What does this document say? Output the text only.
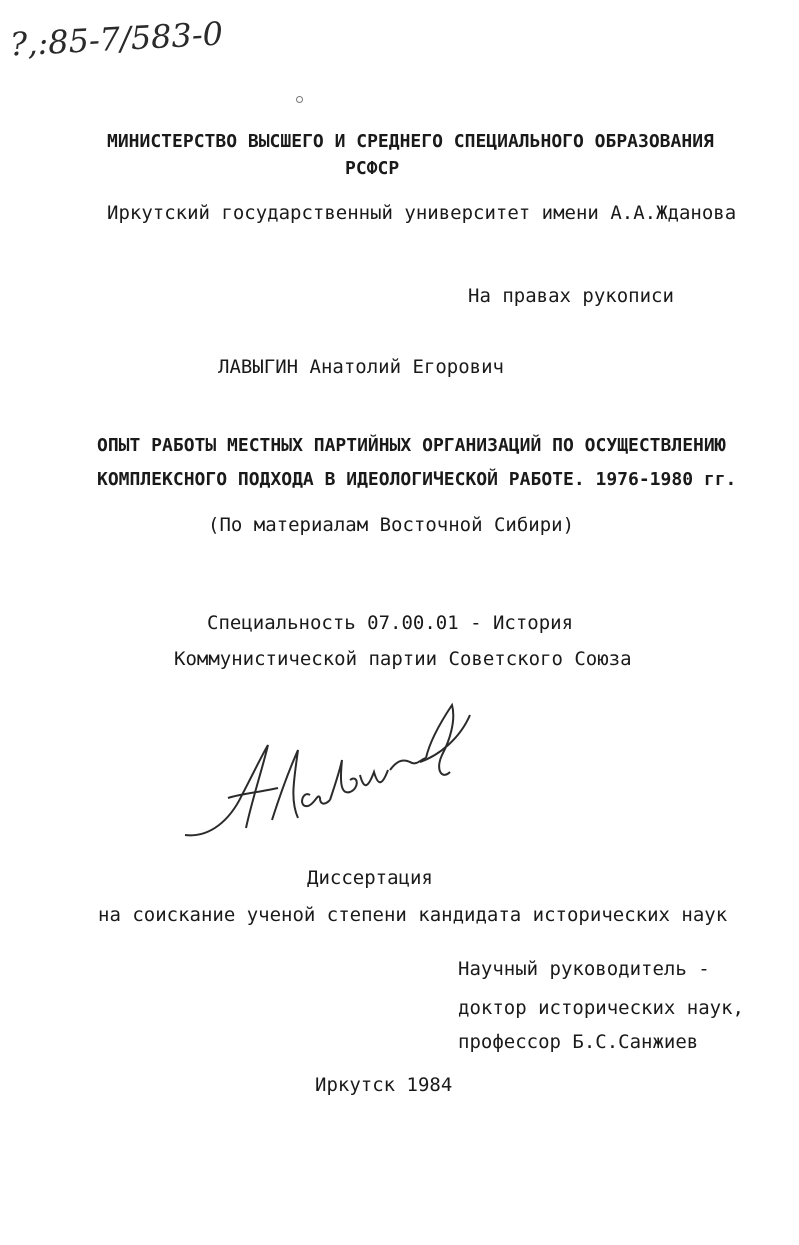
?,:85-7/583-0
МИНИСТЕРСТВО ВЫСШЕГО И СРЕДНЕГО СПЕЦИАЛЬНОГО ОБРАЗОВАНИЯ
РСФСР
Иркутский государственный университет имени А.А.Жданова
На правах рукописи
ЛАВЫГИН Анатолий Егорович
ОПЫТ РАБОТЫ МЕСТНЫХ ПАРТИЙНЫХ ОРГАНИЗАЦИЙ ПО ОСУЩЕСТВЛЕНИЮ
КОМПЛЕКСНОГО ПОДХОДА В ИДЕОЛОГИЧЕСКОЙ РАБОТЕ. 1976-1980 гг.
(По материалам Восточной Сибири)
Специальность 07.00.01 - История
Коммунистической партии Советского Союза
Диссертация
на соискание ученой степени кандидата исторических наук
Научный руководитель -
доктор исторических наук,
профессор Б.С.Санжиев
Иркутск 1984
